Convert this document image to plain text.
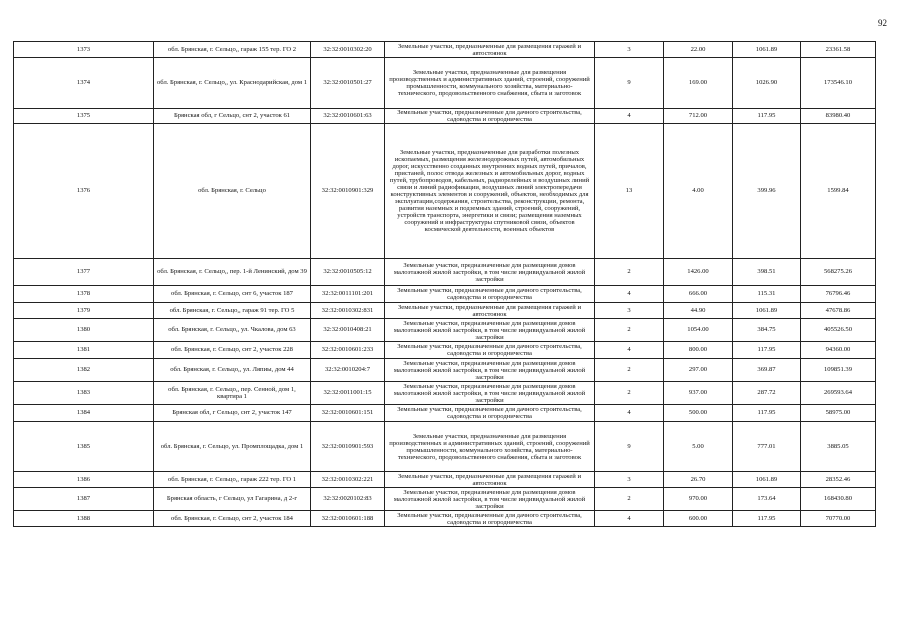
92
1373	обл. Брянская, г. Сельцо,, гараж 155 тер. ГО 2	32:32:0010302:20	Земельные участки, предназначенные для размещения гаражей и автостоянок	3	22.00	1061.89	23361.58
1374	обл. Брянская, г. Сельцо,, ул. Краснодарийская, дом 1	32:32:0010501:27	Земельные участки, предназначенные для размещения производственных и административных зданий, строений, сооружений промышленности, коммунального хозяйства, материально-технического, продовольственного снабжения, сбыта и заготовок	9	169.00	1026.90	173546.10
1375	Брянская обл, г Сельцо, снт 2, участок 61	32:32:0010601:63	Земельные участки, предназначенные для дачного строительства, садоводства и огородничества	4	712.00	117.95	83980.40
1376	обл. Брянская, г. Сельцо	32:32:0010901:329	Земельные участки, предназначенные для разработки полезных ископаемых, размещения железнодорожных путей, автомобильных дорог, искусственно созданных внутренних водных путей, причалов, пристаней, полос отвода железных и автомобильных дорог, водных путей, трубопроводов, кабельных, радиорелейных и воздушных линий связи и линий радиофикации, воздушных линий электропередачи конструктивных элементов и сооружений, объектов, необходимых для эксплуатации,содержания, строительства, реконструкции, ремонта, развития наземных и подземных зданий, строений, сооружений, устройств транспорта, энергетики и связи; размещения наземных сооружений и инфраструктуры спутниковой связи, объектов космической деятельности, военных объектов	13	4.00	399.96	1599.84
1377	обл. Брянская, г. Сельцо,, пер. 1-й Ленинский, дом 39	32:32:0010505:12	Земельные участки, предназначенные для размещения домов малоэтажной жилой застройки, в том числе индивидуальной жилой застройки	2	1426.00	398.51	568275.26
1378	обл. Брянская, г. Сельцо, снт 6, участок 187	32:32:0011101:201	Земельные участки, предназначенные для дачного строительства, садоводства и огородничества	4	666.00	115.31	76796.46
1379	обл. Брянская, г. Сельцо,, гараж 91 тер. ГО 5	32:32:0010302:831	Земельные участки, предназначенные для размещения гаражей и автостоянок	3	44.90	1061.89	47678.86
1380	обл. Брянская, г. Сельцо,, ул. Чкалова, дом 63	32:32:0010408:21	Земельные участки, предназначенные для размещения домов малоэтажной жилой застройки, в том числе индивидуальной жилой застройки	2	1054.00	384.75	405526.50
1381	обл. Брянская, г. Сельцо, снт 2, участок 228	32:32:0010601:233	Земельные участки, предназначенные для дачного строительства, садоводства и огородничества	4	800.00	117.95	94360.00
1382	обл. Брянская, г. Сельцо,, ул. Ляпиы, дом 44	32:32:0010204:7	Земельные участки, предназначенные для размещения домов малоэтажной жилой застройки, в том числе индивидуальной жилой застройки	2	297.00	369.87	109851.39
1383	обл. Брянская, г. Сельцо,, пер. Сенной, дом 1, квартира 1	32:32:0011001:15	Земельные участки, предназначенные для размещения домов малоэтажной жилой застройки, в том числе индивидуальной жилой застройки	2	937.00	287.72	269593.64
1384	Брянская обл, г Сельцо, снт 2, участок 147	32:32:0010601:151	Земельные участки, предназначенные для дачного строительства, садоводства и огородничества	4	500.00	117.95	58975.00
1385	обл. Брянская, г. Сельцо, ул. Промплощадка, дом 1	32:32:0010901:593	Земельные участки, предназначенные для размещения производственных и административных зданий, строений, сооружений промышленности, коммунального хозяйства, материально-технического, продовольственного снабжения, сбыта и заготовок	9	5.00	777.01	3885.05
1386	обл. Брянская, г. Сельцо,, гараж 222 тер. ГО 1	32:32:0010302:221	Земельные участки, предназначенные для размещения гаражей и автостоянок	3	26.70	1061.89	28352.46
1387	Брянская область, г Сельцо, ул Гагарина, д 2-г	32:32:0020102:83	Земельные участки, предназначенные для размещения домов малоэтажной жилой застройки, в том числе индивидуальной жилой застройки	2	970.00	173.64	168430.80
1388	обл. Брянская, г. Сельцо, снт 2, участок 184	32:32:0010601:188	Земельные участки, предназначенные для дачного строительства, садоводства и огородничества	4	600.00	117.95	70770.00
